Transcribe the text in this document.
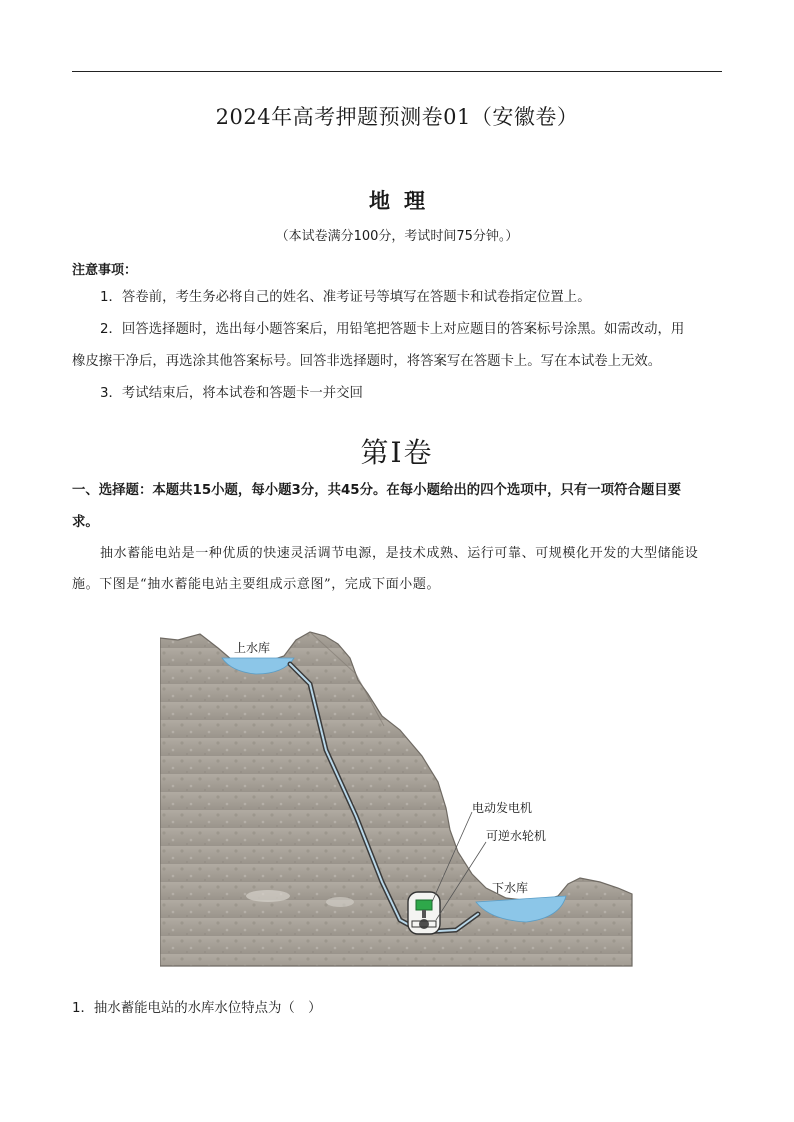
2024年高考押题预测卷01（安徽卷）
地理
（本试卷满分100分，考试时间75分钟。）
注意事项：
1．答卷前，考生务必将自己的姓名、准考证号等填写在答题卡和试卷指定位置上。
2．回答选择题时，选出每小题答案后，用铅笔把答题卡上对应题目的答案标号涂黑。如需改动，用
橡皮擦干净后，再选涂其他答案标号。回答非选择题时，将答案写在答题卡上。写在本试卷上无效。
3．考试结束后，将本试卷和答题卡一并交回
第Ⅰ卷
一、选择题：本题共15小题，每小题3分，共45分。在每小题给出的四个选项中，只有一项符合题目要
求。
抽水蓄能电站是一种优质的快速灵活调节电源，是技术成熟、运行可靠、可规模化开发的大型储能设
施。下图是“抽水蓄能电站主要组成示意图”，完成下面小题。
上水库
电动发电机
可逆水轮机
下水库
1．抽水蓄能电站的水库水位特点为（　）
